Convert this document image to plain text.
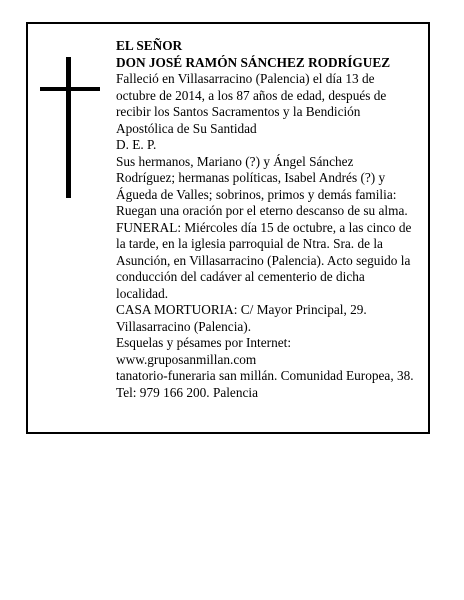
EL SEÑOR
DON JOSÉ RAMÓN SÁNCHEZ RODRÍGUEZ
Falleció en Villasarracino (Palencia) el día 13 de
octubre de 2014, a los 87 años de edad, después de
recibir los Santos Sacramentos y la Bendición
Apostólica de Su Santidad
D. E. P.
Sus hermanos, Mariano (?) y Ángel Sánchez
Rodríguez; hermanas políticas, Isabel Andrés (?) y
Águeda de Valles; sobrinos, primos y demás familia:
Ruegan una oración por el eterno descanso de su alma.
FUNERAL: Miércoles día 15 de octubre, a las cinco de
la tarde, en la iglesia parroquial de Ntra. Sra. de la
Asunción, en Villasarracino (Palencia). Acto seguido la
conducción del cadáver al cementerio de dicha
localidad.
CASA MORTUORIA: C/ Mayor Principal, 29.
Villasarracino (Palencia).
Esquelas y pésames por Internet:
www.gruposanmillan.com
tanatorio-funeraria san millán. Comunidad Europea, 38.
Tel: 979 166 200. Palencia
